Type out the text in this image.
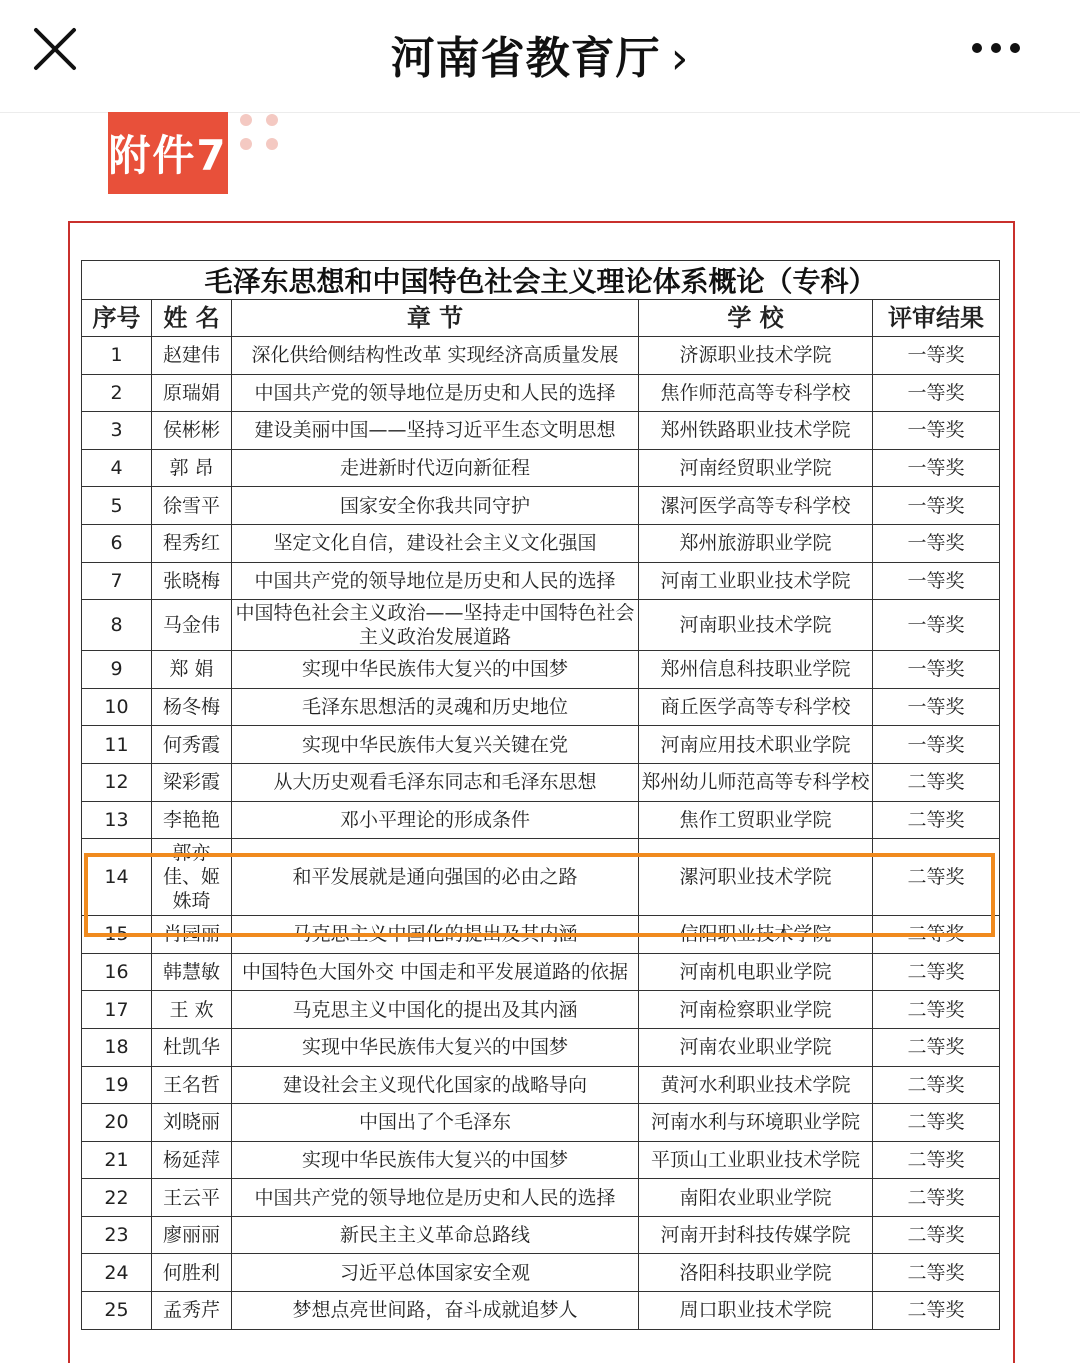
河南省教育厅 ›
附件7
毛泽东思想和中国特色社会主义理论体系概论（专科）
序号	姓 名	章 节	学 校	评审结果
1	赵建伟	深化供给侧结构性改革 实现经济高质量发展	济源职业技术学院	一等奖
2	原瑞娟	中国共产党的领导地位是历史和人民的选择	焦作师范高等专科学校	一等奖
3	侯彬彬	建设美丽中国——坚持习近平生态文明思想	郑州铁路职业技术学院	一等奖
4	郭 昂	走进新时代迈向新征程	河南经贸职业学院	一等奖
5	徐雪平	国家安全你我共同守护	漯河医学高等专科学校	一等奖
6	程秀红	坚定文化自信，建设社会主义文化强国	郑州旅游职业学院	一等奖
7	张晓梅	中国共产党的领导地位是历史和人民的选择	河南工业职业技术学院	一等奖
8	马金伟	中国特色社会主义政治——坚持走中国特色社会主义政治发展道路	河南职业技术学院	一等奖
9	郑 娟	实现中华民族伟大复兴的中国梦	郑州信息科技职业学院	一等奖
10	杨冬梅	毛泽东思想活的灵魂和历史地位	商丘医学高等专科学校	一等奖
11	何秀霞	实现中华民族伟大复兴关键在党	河南应用技术职业学院	一等奖
12	梁彩霞	从大历史观看毛泽东同志和毛泽东思想	郑州幼儿师范高等专科学校	二等奖
13	李艳艳	邓小平理论的形成条件	焦作工贸职业学院	二等奖
14	郭亦佳、姬姝琦	和平发展就是通向强国的必由之路	漯河职业技术学院	二等奖
15	肖园丽	马克思主义中国化的提出及其内涵	信阳职业技术学院	二等奖
16	韩慧敏	中国特色大国外交 中国走和平发展道路的依据	河南机电职业学院	二等奖
17	王 欢	马克思主义中国化的提出及其内涵	河南检察职业学院	二等奖
18	杜凯华	实现中华民族伟大复兴的中国梦	河南农业职业学院	二等奖
19	王名哲	建设社会主义现代化国家的战略导向	黄河水利职业技术学院	二等奖
20	刘晓丽	中国出了个毛泽东	河南水利与环境职业学院	二等奖
21	杨延萍	实现中华民族伟大复兴的中国梦	平顶山工业职业技术学院	二等奖
22	王云平	中国共产党的领导地位是历史和人民的选择	南阳农业职业学院	二等奖
23	廖丽丽	新民主主义革命总路线	河南开封科技传媒学院	二等奖
24	何胜利	习近平总体国家安全观	洛阳科技职业学院	二等奖
25	孟秀芹	梦想点亮世间路，奋斗成就追梦人	周口职业技术学院	二等奖
